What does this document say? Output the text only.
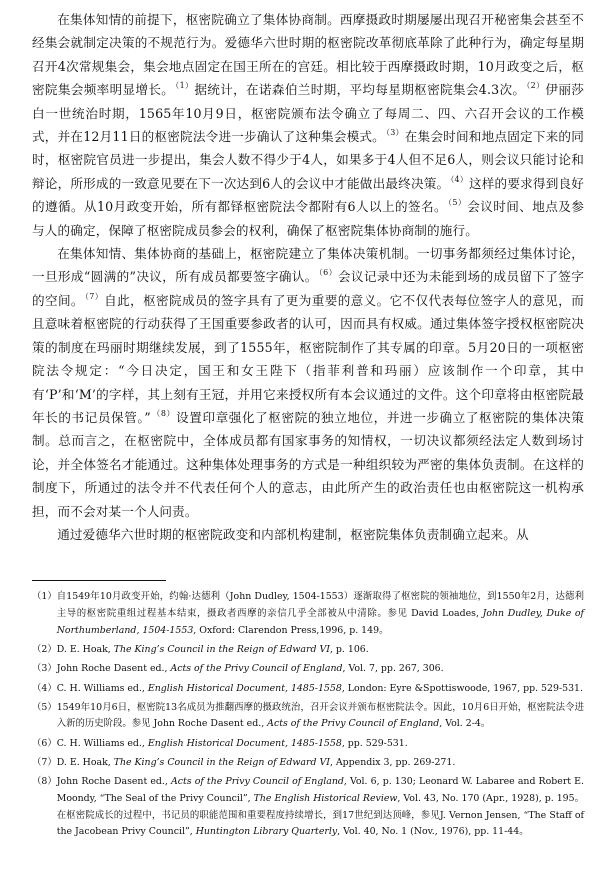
在集体知情的前提下，枢密院确立了集体协商制。西摩摄政时期屡屡出现召开秘密集会甚至不经集会就制定决策的不规范行为。爱德华六世时期的枢密院改革彻底革除了此种行为，确定每星期召开4次常规集会，集会地点固定在国王所在的宫廷。相比较于西摩摄政时期，10月政变之后，枢密院集会频率明显增长。$^{(1)}$据统计，在诺森伯兰时期，平均每星期枢密院集会4.3次。$^{(2)}$伊丽莎白一世统治时期，1565年10月9日，枢密院颁布法令确立了每周二、四、六召开会议的工作模式，并在12月11日的枢密院法令进一步确认了这种集会模式。$^{(3)}$在集会时间和地点固定下来的同时，枢密院官员进一步提出，集会人数不得少于4人，如果多于4人但不足6人，则会议只能讨论和辩论，所形成的一致意见要在下一次达到6人的会议中才能做出最终决策。$^{(4)}$这样的要求得到良好的遵循。从10月政变开始，所有都铎枢密院法令都附有6人以上的签名。$^{(5)}$会议时间、地点及参与人的确定，保障了枢密院成员参会的权利，确保了枢密院集体协商制的施行。

在集体知情、集体协商的基础上，枢密院建立了集体决策机制。一切事务都须经过集体讨论，一旦形成“圆满的”决议，所有成员都要签字确认。$^{(6)}$会议记录中还为未能到场的成员留下了签字的空间。$^{(7)}$自此，枢密院成员的签字具有了更为重要的意义。它不仅代表每位签字人的意见，而且意味着枢密院的行动获得了王国重要参政者的认可，因而具有权威。通过集体签字授权枢密院决策的制度在玛丽时期继续发展，到了1555年，枢密院制作了其专属的印章。5月20日的一项枢密院法令规定：“今日决定，国王和女王陛下（指菲利普和玛丽）应该制作一个印章，其中有‘P’和‘M’的字样，其上刻有王冠，并用它来授权所有本会议通过的文件。这个印章将由枢密院最年长的书记员保管。”$^{(8)}$设置印章强化了枢密院的独立地位，并进一步确立了枢密院的集体决策制。总而言之，在枢密院中，全体成员都有国家事务的知情权，一切决议都须经法定人数到场讨论，并全体签名才能通过。这种集体处理事务的方式是一种组织较为严密的集体负责制。在这样的制度下，所通过的法令并不代表任何个人的意志，由此所产生的政治责任也由枢密院这一机构承担，而不会对某一个人问责。

通过爱德华六世时期的枢密院政变和内部机构建制，枢密院集体负责制确立起来。从

（1） 自1549年10月政变开始，约翰·达德利（John Dudley, 1504-1553）逐渐取得了枢密院的领袖地位，到1550年2月，达德利主导的枢密院重组过程基本结束，摄政者西摩的亲信几乎全部被从中清除。参见 David Loades, John Dudley, Duke of Northumberland, 1504-1553, Oxford: Clarendon Press,1996, p. 149。
（2） D. E. Hoak, The King’s Council in the Reign of Edward VI, p. 106.
（3） John Roche Dasent ed., Acts of the Privy Council of England, Vol. 7, pp. 267, 306.
（4） C. H. Williams ed., English Historical Document, 1485-1558, London: Eyre &Spottiswoode, 1967, pp. 529-531.
（5） 1549年10月6日，枢密院13名成员为推翻西摩的摄政统治，召开会议并颁布枢密院法令。因此，10月6日开始，枢密院法令进入新的历史阶段。参见 John Roche Dasent ed., Acts of the Privy Council of England, Vol. 2-4。
（6） C. H. Williams ed., English Historical Document, 1485-1558, pp. 529-531.
（7） D. E. Hoak, The King’s Council in the Reign of Edward VI, Appendix 3, pp. 269-271.
（8） John Roche Dasent ed., Acts of the Privy Council of England, Vol. 6, p. 130; Leonard W. Labaree and Robert E. Moondy, “The Seal of the Privy Council”, The English Historical Review, Vol. 43, No. 170 (Apr., 1928), p. 195。在枢密院成长的过程中，书记员的职能范围和重要程度持续增长，到17世纪到达顶峰，参见J. Vernon Jensen, “The Staff of the Jacobean Privy Council”, Huntington Library Quarterly, Vol. 40, No. 1 (Nov., 1976), pp. 11-44。
